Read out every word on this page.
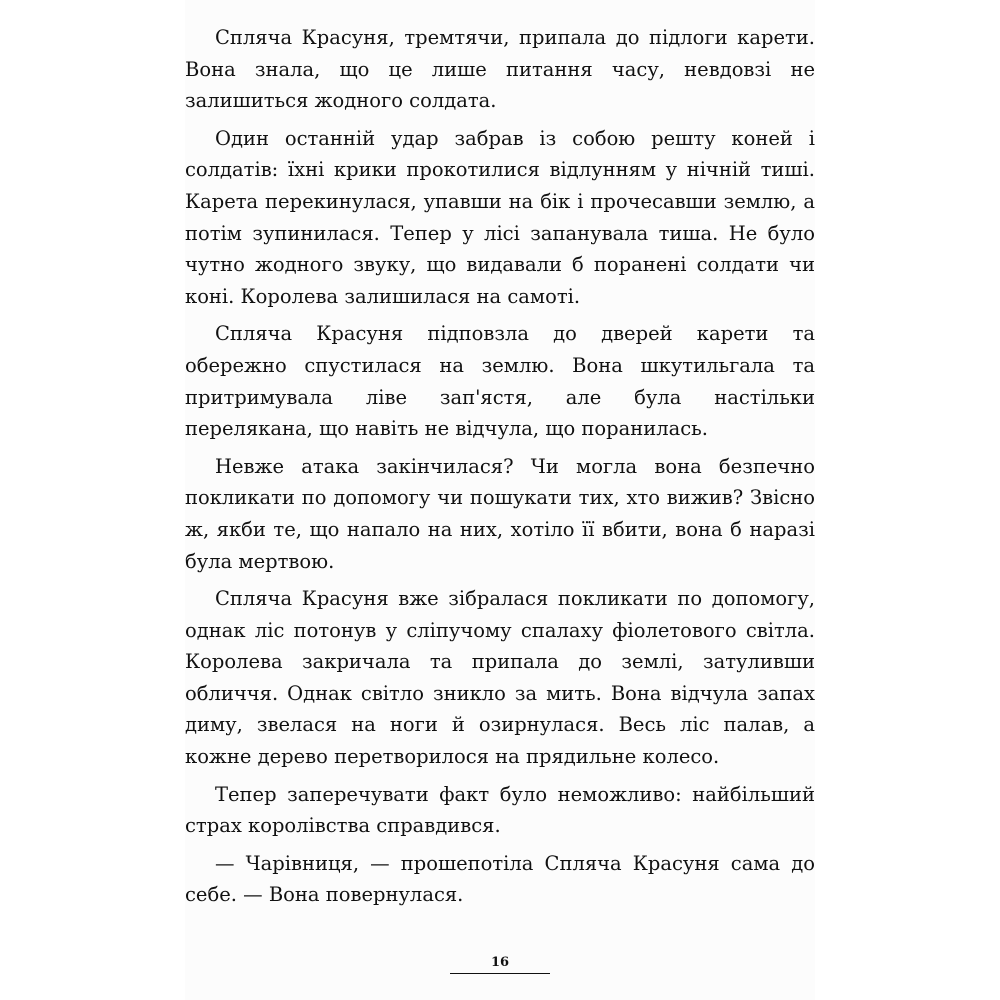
Спляча Красуня, тремтячи, припала до підлоги карети. Вона знала, що це лише питання часу, невдовзі не залишиться жодного солдата.

Один останній удар забрав із собою решту коней і солдатів: їхні крики прокотилися відлунням у нічній тиші. Карета перекинулася, упавши на бік і прочесавши землю, а потім зупинилася. Тепер у лісі запанувала тиша. Не було чутно жодного звуку, що видавали б поранені солдати чи коні. Королева залишилася на самоті.

Спляча Красуня підповзла до дверей карети та обережно спустилася на землю. Вона шкутильгала та притримувала ліве зап'ястя, але була настільки перелякана, що навіть не відчула, що поранилась.

Невже атака закінчилася? Чи могла вона безпечно покликати по допомогу чи пошукати тих, хто вижив? Звісно ж, якби те, що напало на них, хотіло її вбити, вона б наразі була мертвою.

Спляча Красуня вже зібралася покликати по допомогу, однак ліс потонув у сліпучому спалаху фіолетового світла. Королева закричала та припала до землі, затуливши обличчя. Однак світло зникло за мить. Вона відчула запах диму, звелася на ноги й озирнулася. Весь ліс палав, а кожне дерево перетворилося на прядильне колесо.

Тепер заперечувати факт було неможливо: найбільший страх королівства справдився.

— Чарівниця, — прошепотіла Спляча Красуня сама до себе. — Вона повернулася.

16
